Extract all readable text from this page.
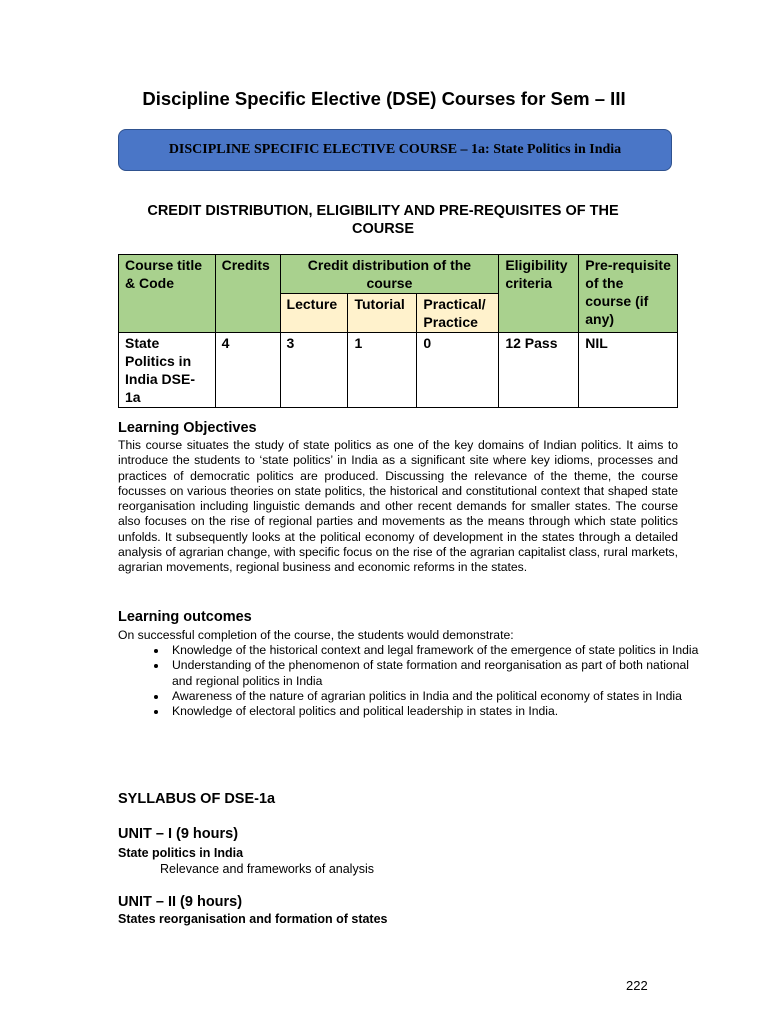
Discipline Specific Elective (DSE) Courses for Sem – III
DISCIPLINE SPECIFIC ELECTIVE COURSE – 1a: State Politics in India
CREDIT DISTRIBUTION, ELIGIBILITY AND PRE-REQUISITES OF THE COURSE
Course title & Code	Credits	Credit distribution of the course			Eligibility criteria	Pre-requisite of the course (if any)
		Lecture	Tutorial	Practical/ Practice		
State Politics in India DSE-1a	4	3	1	0	12 Pass	NIL
Learning Objectives
This course situates the study of state politics as one of the key domains of Indian politics. It aims to introduce the students to ‘state politics’ in India as a significant site where key idioms, processes and practices of democratic politics are produced. Discussing the relevance of the theme, the course focusses on various theories on state politics, the historical and constitutional context that shaped state reorganisation including linguistic demands and other recent demands for smaller states. The course also focuses on the rise of regional parties and movements as the means through which state politics unfolds. It subsequently looks at the political economy of development in the states through a detailed analysis of agrarian change, with specific focus on the rise of the agrarian capitalist class, rural markets, agrarian movements, regional business and economic reforms in the states.
Learning outcomes
On successful completion of the course, the students would demonstrate:
• Knowledge of the historical context and legal framework of the emergence of state politics in India
• Understanding of the phenomenon of state formation and reorganisation as part of both national and regional politics in India
• Awareness of the nature of agrarian politics in India and the political economy of states in India
• Knowledge of electoral politics and political leadership in states in India.
SYLLABUS OF DSE-1a
UNIT – I (9 hours)
State politics in India
Relevance and frameworks of analysis
UNIT – II (9 hours)
States reorganisation and formation of states
222
